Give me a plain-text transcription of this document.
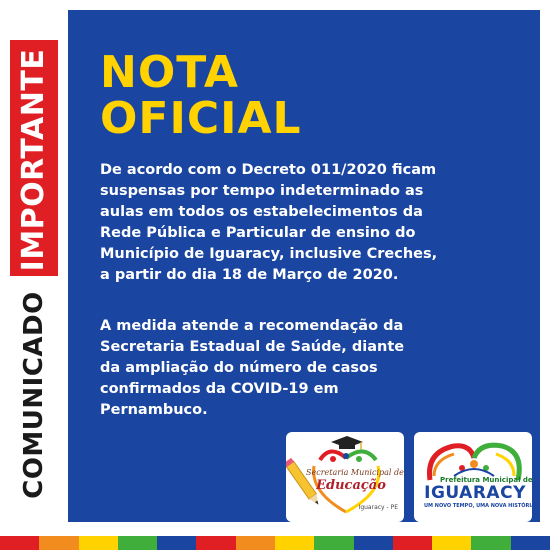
IMPORTANTE
COMUNICADO
NOTA
OFICIAL
De acordo com o Decreto 011/2020 ficam
suspensas por tempo indeterminado as
aulas em todos os estabelecimentos da
Rede Pública e Particular de ensino do
Município de Iguaracy, inclusive Creches,
a partir do dia 18 de Março de 2020.
A medida atende a recomendação da
Secretaria Estadual de Saúde, diante
da ampliação do número de casos
confirmados da COVID-19 em
Pernambuco.
Secretaria Municipal de
Educação
Iguaracy - PE
Prefeitura Municipal de
IGUARACY
UM NOVO TEMPO, UMA NOVA HISTÓRIA
